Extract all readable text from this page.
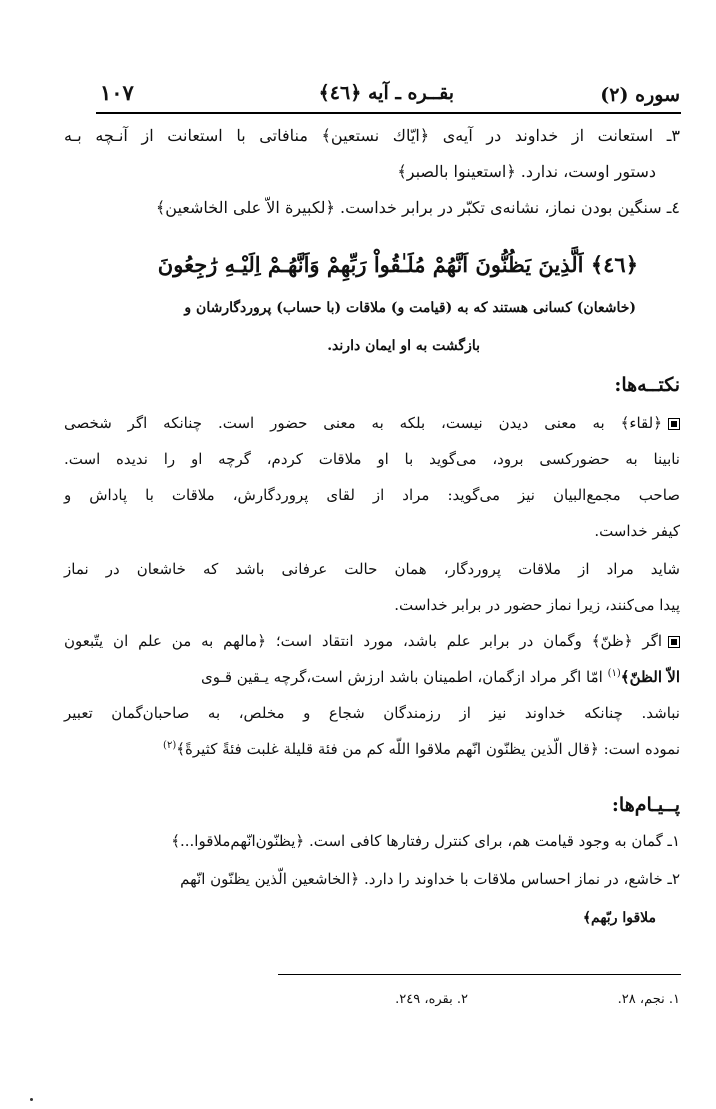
سوره (۲)
بقــره ـ آیه ﴿٤٦﴾
۱۰۷
۳ـ استعانت از خداوند در آیه‌ی ﴿ایّاك نستعین﴾ منافاتی با استعانت از آنـچه بـه
دستور اوست، ندارد. ﴿استعینوا بالصبر﴾
٤ـ سنگین بودن نماز، نشانه‌ی تکبّر در برابر خداست. ﴿لکبیرة الاّ علی الخاشعین﴾
﴿٤٦﴾ اَلَّذِینَ یَظُنُّونَ اَنَّهُمْ مُلَـٰقُواْ رَبِّهِمْ وَاَنَّهُـمْ اِلَیْـهِ رَٰجِعُونَ
(خاشعان) کسانی هستند که به (قیامت و) ملاقات (با حساب) پروردگارشان و
بازگشت به او ایمان دارند.
نکتــه‌ها:
﴿لقاء﴾ به معنی دیدن نیست، بلکه به معنی حضور است. چنانکه اگر شخصی
نابینا به حضورکسی برود، می‌گوید با او ملاقات کردم، گرچه او را ندیده است.
صاحب مجمع‌البیان نیز می‌گوید: مراد از لقای پروردگارش، ملاقات با پاداش و
کیفر خداست.
شاید مراد از ملاقات پروردگار، همان حالت عرفانی باشد که خاشعان در نماز
پیدا می‌کنند، زیرا نماز حضور در برابر خداست.
اگر ﴿ظنّ﴾ وگمان در برابر علم باشد، مورد انتقاد است؛ ﴿مالهم به من علم ان یتّبعون
الاّ الظنّ﴾$^{(۱)}$ امّا اگر مراد ازگمان، اطمینان باشد ارزش است،گرچه یـقین قـوی
نباشد. چنانکه خداوند نیز از رزمندگان شجاع و مخلص، به صاحبان‌گمان تعبیر
نموده است: ﴿قال الّذین یظنّون انّهم ملاقوا اللّه کم من فئة قلیلة غلبت فئةً کثیرةً﴾$^{(۲)}$
پــیـام‌ها:
۱ـ گمان به وجود قیامت هم، برای کنترل رفتارها کافی است. ﴿یظنّون‌انّهم‌ملاقوا...﴾
۲ـ خاشع، در نماز احساس ملاقات با خداوند را دارد. ﴿الخاشعین الّذین یظنّون انّهم
ملاقوا ربّهم﴾
۱. نجم، ۲۸.
۲. بقره، ۲٤۹.
